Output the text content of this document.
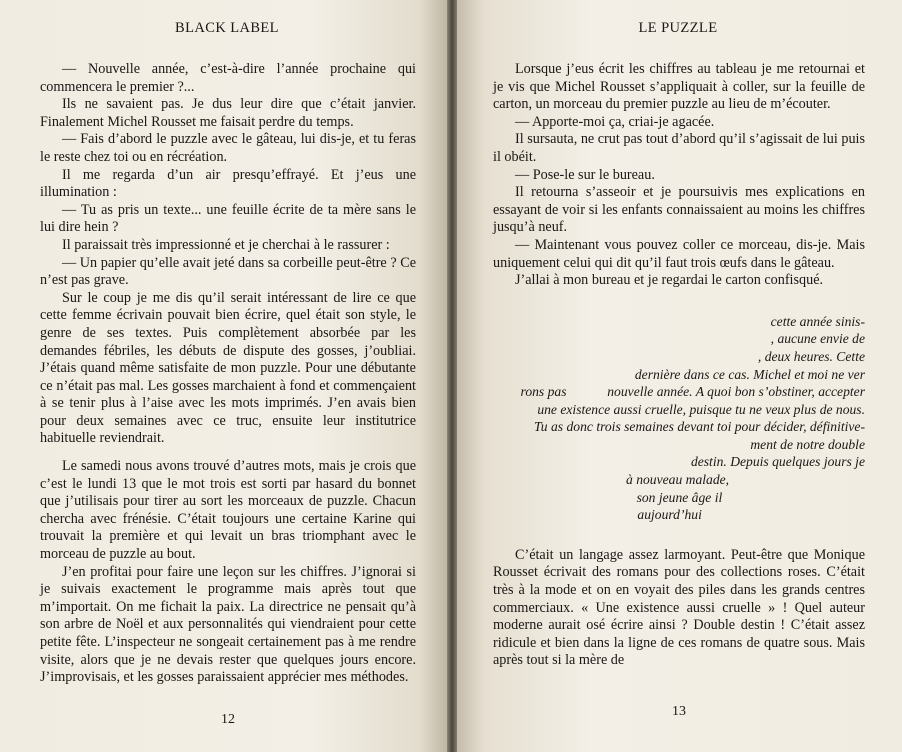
BLACK LABEL

— Nouvelle année, c’est-à-dire l’année prochaine qui commencera le premier ?...

Ils ne savaient pas. Je dus leur dire que c’était janvier. Finalement Michel Rousset me faisait perdre du temps.

— Fais d’abord le puzzle avec le gâteau, lui dis-je, et tu feras le reste chez toi ou en récréation.

Il me regarda d’un air presqu’effrayé. Et j’eus une illumination :

— Tu as pris un texte... une feuille écrite de ta mère sans le lui dire hein ?

Il paraissait très impressionné et je cherchai à le rassurer :

— Un papier qu’elle avait jeté dans sa corbeille peut-être ? Ce n’est pas grave.

Sur le coup je me dis qu’il serait intéressant de lire ce que cette femme écrivain pouvait bien écrire, quel était son style, le genre de ses textes. Puis complètement absorbée par les demandes fébriles, les débuts de dispute des gosses, j’oubliai. J’étais quand même satisfaite de mon puzzle. Pour une débutante ce n’était pas mal. Les gosses marchaient à fond et commençaient à se tenir plus à l’aise avec les mots imprimés. J’en avais bien pour deux semaines avec ce truc, ensuite leur institutrice habituelle reviendrait.

Le samedi nous avons trouvé d’autres mots, mais je crois que c’est le lundi 13 que le mot trois est sorti par hasard du bonnet que j’utilisais pour tirer au sort les morceaux de puzzle. Chacun chercha avec frénésie. C’était toujours une certaine Karine qui trouvait la première et qui levait un bras triomphant avec le morceau de puzzle au bout.

J’en profitai pour faire une leçon sur les chiffres. J’ignorai si je suivais exactement le programme mais après tout que m’importait. On me fichait la paix. La directrice ne pensait qu’à son arbre de Noël et aux personnalités qui viendraient pour cette petite fête. L’inspecteur ne songeait certainement pas à me rendre visite, alors que je ne devais rester que quelques jours encore. J’improvisais, et les gosses paraissaient apprécier mes méthodes.

12
LE PUZZLE

Lorsque j’eus écrit les chiffres au tableau je me retournai et je vis que Michel Rousset s’appliquait à coller, sur la feuille de carton, un morceau du premier puzzle au lieu de m’écouter.

— Apporte-moi ça, criai-je agacée.

Il sursauta, ne crut pas tout d’abord qu’il s’agissait de lui puis il obéit.

— Pose-le sur le bureau.

Il retourna s’asseoir et je poursuivis mes explications en essayant de voir si les enfants connaissaient au moins les chiffres jusqu’à neuf.

— Maintenant vous pouvez coller ce morceau, dis-je. Mais uniquement celui qui dit qu’il faut trois œufs dans le gâteau.

J’allai à mon bureau et je regardai le carton confisqué.

cette année sinis-
, aucune envie de
, deux heures. Cette
dernière dans ce cas. Michel et moi ne ver
rons pas            nouvelle année. A quoi bon s’obstiner, accepter
une existence aussi cruelle, puisque tu ne veux plus de nous.
Tu as donc trois semaines devant toi pour décider, définitive-
ment de notre double
destin. Depuis quelques jours je
à nouveau malade,
son jeune âge il
aujourd’hui

C’était un langage assez larmoyant. Peut-être que Monique Rousset écrivait des romans pour des collections roses. C’était très à la mode et on en voyait des piles dans les grands centres commerciaux. « Une existence aussi cruelle » ! Quel auteur moderne aurait osé écrire ainsi ? Double destin ! C’était assez ridicule et bien dans la ligne de ces romans de quatre sous. Mais après tout si la mère de

13
